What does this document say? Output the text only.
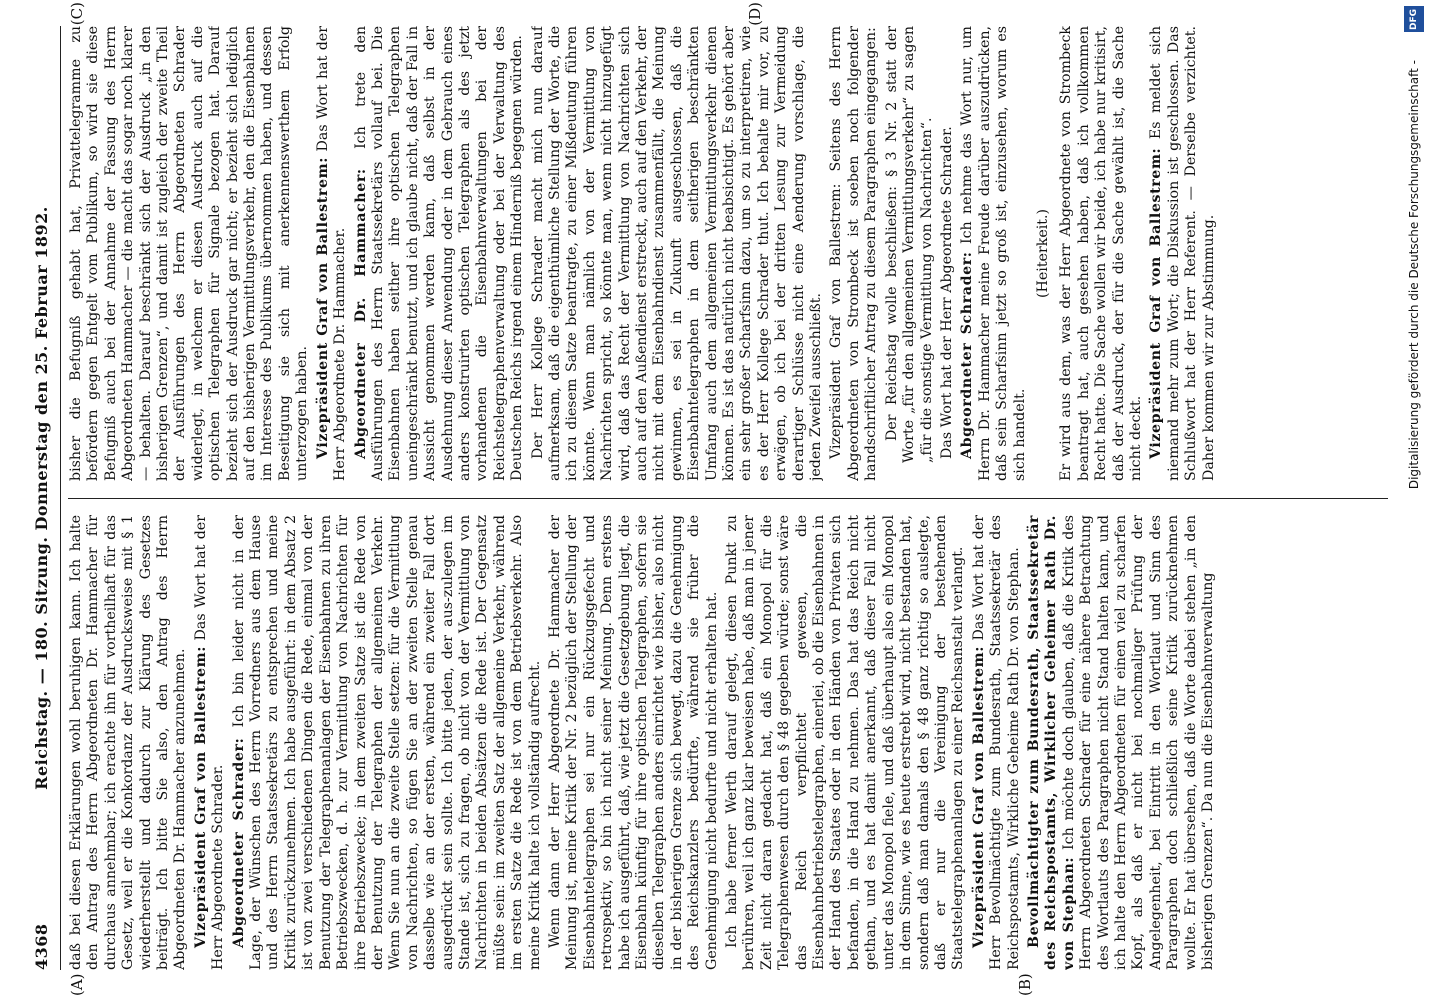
4368
Reichstag. — 180. Sitzung. Donnerstag den 25. Februar 1892.
(A)	(B)
(C)	(D)

daß bei diesen Erklärungen wohl beruhigen kann. Ich halte den Antrag des Herrn Abgeordneten Dr. Hammacher für durchaus annehmbar; ich erachte ihn für vortheilhaft für das Gesetz, weil er die Konkordanz der Ausdrucksweise mit § 1 wiederherstellt und dadurch zur Klärung des Gesetzes beiträgt. Ich bitte Sie also, den Antrag des Herrn Abgeordneten Dr. Hammacher anzunehmen. Vizepräsident Graf von Ballestrem: Das Wort hat der Herr Abgeordnete Schrader. Abgeordneter Schrader: Ich bin leider nicht in der Lage, der Wünschen des Herrn Vorredners aus dem Hause und des Herrn Staatssekretärs zu entsprechen und meine Kritik zurückzunehmen. Ich habe ausgeführt: in dem Absatz 2 ist von zwei verschiedenen Dingen die Rede, einmal von der Benutzung der Telegraphenanlagen der Eisenbahnen zu ihren Betriebszwecken, d. h. zur Vermittlung von Nachrichten für ihre Betriebszwecke; in dem zweiten Satze ist die Rede von der Benutzung der Telegraphen der allgemeinen Verkehr. Wenn Sie nun an die zweite Stelle setzen: für die Vermittlung von Nachrichten, so fügen Sie an der zweiten Stelle genau dasselbe wie an der ersten, während ein zweiter Fall dort ausgedrückt sein sollte. Ich bitte jeden, der aus-zulegen im Stande ist, sich zu fragen, ob nicht von der Vermittlung von Nachrichten in beiden Absätzen die Rede ist. Der Gegensatz müßte sein: im zweiten Satz der allgemeine Verkehr, während im ersten Satze die Rede ist von dem Betriebsverkehr. Also meine Kritik halte ich vollständig aufrecht. Wenn dann der Herr Abgeordnete Dr. Hammacher der Meinung ist, meine Kritik der Nr. 2 bezüglich der Stellung der Eisenbahntelegraphen sei nur ein Rückzugsgefecht und retrospektiv, so bin ich nicht seiner Meinung. Denn erstens habe ich ausgeführt, daß, wie jetzt die Gesetzgebung liegt, die Eisenbahn künftig für ihre optischen Telegraphen, sofern sie dieselben Telegraphen anders einrichtet wie bisher, also nicht in der bisherigen Grenze sich bewegt, dazu die Genehmigung des Reichskanzlers bedürfte, während sie früher die Genehmigung nicht bedurfte und nicht erhalten hat. Ich habe ferner Werth darauf gelegt, diesen Punkt zu berühren, weil ich ganz klar beweisen habe, daß man in jener Zeit nicht daran gedacht hat, daß ein Monopol für die Telegraphenwesen durch den § 48 gegeben würde; sonst wäre das Reich verpflichtet gewesen, die Eisenbahnbetriebstelegraphen, einerlei, ob die Eisenbahnen in der Hand des Staates oder in den Händen von Privaten sich befanden, in die Hand zu nehmen. Das hat das Reich nicht gethan, und es hat damit anerkannt, daß dieser Fall nicht unter das Monopol fiele, und daß überhaupt also ein Monopol in dem Sinne, wie es heute erstrebt wird, nicht bestanden hat, sondern daß man damals den § 48 ganz richtig so auslegte, daß er nur die Vereinigung der bestehenden Staatstelegraphenanlagen zu einer Reichsanstalt verlangt. Vizepräsident Graf von Ballestrem: Das Wort hat der Herr Bevollmächtigte zum Bundesrath, Staatssekretär des Reichspostamts, Wirkliche Geheime Rath Dr. von Stephan. Bevollmächtigter zum Bundesrath, Staatssekretär des Reichspostamts, Wirklicher Geheimer Rath Dr. von Stephan: Ich möchte doch glauben, daß die Kritik des Herrn Abgeordneten Schrader für eine nähere Betrachtung des Wortlauts des Paragraphen nicht Stand halten kann, und ich halte den Herrn Abgeordneten für einen viel zu scharfen Kopf, als daß er nicht bei nochmaliger Prüfung der Angelegenheit, bei Eintritt in den Wortlaut und Sinn des Paragraphen doch schließlich seine Kritik zurücknehmen wollte. Er hat übersehen, daß die Worte dabei stehen „in den bisherigen Grenzen“. Da nun die Eisenbahnverwaltung

bisher die Befugniß gehabt hat, Privattelegramme zu befördern gegen Entgelt vom Publikum, so wird sie diese Befugniß auch bei der Annahme der Fassung des Herrn Abgeordneten Hammacher — die macht das sogar noch klarer — behalten. Darauf beschränkt sich der Ausdruck „in den bisherigen Grenzen“, und damit ist zugleich der zweite Theil der Ausführungen des Herrn Abgeordneten Schrader widerlegt, in welchem er diesen Ausdruck auch auf die optischen Telegraphen für Signale bezogen hat. Darauf bezieht sich der Ausdruck gar nicht; er bezieht sich lediglich auf den bisherigen Vermittlungsverkehr, den die Eisenbahnen im Interesse des Publikums übernommen haben, und dessen Beseitigung sie sich mit anerkennenswerthem Erfolg unterzogen haben. Vizepräsident Graf von Ballestrem: Das Wort hat der Herr Abgeordnete Dr. Hammacher. Abgeordneter Dr. Hammacher: Ich trete den Ausführungen des Herrn Staatssekretärs vollauf bei. Die Eisenbahnen haben seither ihre optischen Telegraphen uneingeschränkt benutzt, und ich glaube nicht, daß der Fall in Aussicht genommen werden kann, daß selbst in der Ausdehnung dieser Anwendung oder in dem Gebrauch eines anders konstruirten optischen Telegraphen als des jetzt vorhandenen die Eisenbahnverwaltungen bei der Reichstelegraphenverwaltung oder bei der Verwaltung des Deutschen Reichs irgend einem Hinderniß begegnen würden. Der Herr Kollege Schrader macht mich nun darauf aufmerksam, daß die eigenthümliche Stellung der Worte, die ich zu diesem Satze beantragte, zu einer Mißdeutung führen könnte. Wenn man nämlich von der Vermittlung von Nachrichten spricht, so könnte man, wenn nicht hinzugefügt wird, daß das Recht der Vermittlung von Nachrichten sich auch auf den Außendienst erstreckt, auch auf den Verkehr, der nicht mit dem Eisenbahndienst zusammenfällt, die Meinung gewinnen, es sei in Zukunft ausgeschlossen, daß die Eisenbahntelegraphen in dem seitherigen beschränkten Umfang auch dem allgemeinen Vermittlungsverkehr dienen können. Es ist das natürlich nicht beabsichtigt. Es gehört aber ein sehr großer Scharfsinn dazu, um so zu interpretiren, wie es der Herr Kollege Schrader thut. Ich behalte mir vor, zu erwägen, ob ich bei der dritten Lesung zur Vermeidung derartiger Schlüsse nicht eine Aenderung vorschlage, die jeden Zweifel ausschließt. Vizepräsident Graf von Ballestrem: Seitens des Herrn Abgeordneten von Strombeck ist soeben noch folgender handschriftlicher Antrag zu diesem Paragraphen eingegangen: Der Reichstag wolle beschließen: § 3 Nr. 2 statt der Worte „für den allgemeinen Vermittlungsverkehr“ zu sagen „für die sonstige Vermittlung von Nachrichten“. Das Wort hat der Herr Abgeordnete Schrader. Abgeordneter Schrader: Ich nehme das Wort nur, um Herrn Dr. Hammacher meine Freude darüber auszudrücken, daß sein Scharfsinn jetzt so groß ist, einzusehen, worum es sich handelt.

(Heiterkeit.) Er wird aus dem, was der Herr Abgeordnete von Strombeck beantragt hat, auch gesehen haben, daß ich vollkommen Recht hatte. Die Sache wollen wir beide, ich habe nur kritisirt, daß der Ausdruck, der für die Sache gewählt ist, die Sache nicht deckt. Vizepräsident Graf von Ballestrem: Es meldet sich niemand mehr zum Wort; die Diskussion ist geschlossen. Das Schlußwort hat der Herr Referent. — Derselbe verzichtet. Daher kommen wir zur Abstimmung.	Digitalisierung gefördert durch die Deutsche Forschungsgemeinschaft -
DFG
